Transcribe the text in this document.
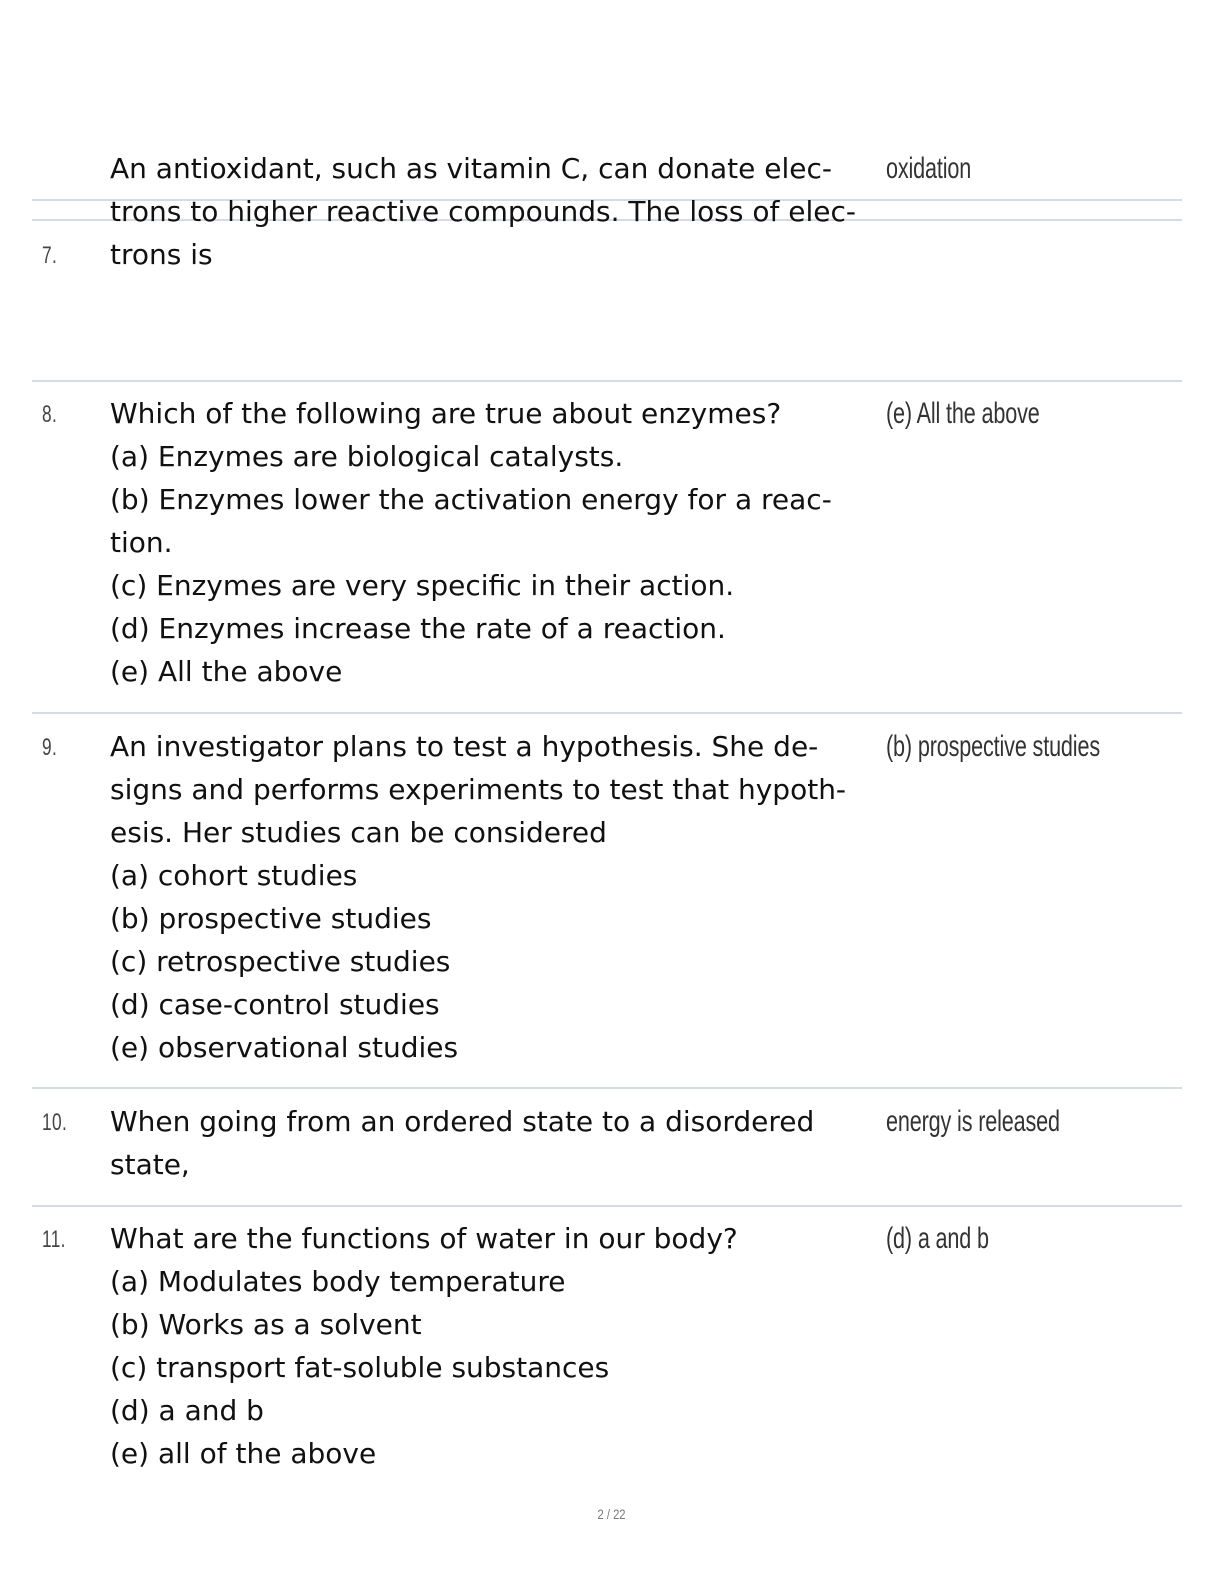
7.
An antioxidant, such as vitamin C, can donate elec-
trons to higher reactive compounds. The loss of elec-
trons is
oxidation
8. Which of the following are true about enzymes?
(a) Enzymes are biological catalysts.
(b) Enzymes lower the activation energy for a reac-
tion.
(c) Enzymes are very specific in their action.
(d) Enzymes increase the rate of a reaction.
(e) All the above
(e) All the above
9. An investigator plans to test a hypothesis. She de-
signs and performs experiments to test that hypoth-
esis. Her studies can be considered
(a) cohort studies
(b) prospective studies
(c) retrospective studies
(d) case-control studies
(e) observational studies
(b) prospective studies
10. When going from an ordered state to a disordered
state,
energy is released
11. What are the functions of water in our body?
(a) Modulates body temperature
(b) Works as a solvent
(c) transport fat-soluble substances
(d) a and b
(e) all of the above
(d) a and b
2 / 22
